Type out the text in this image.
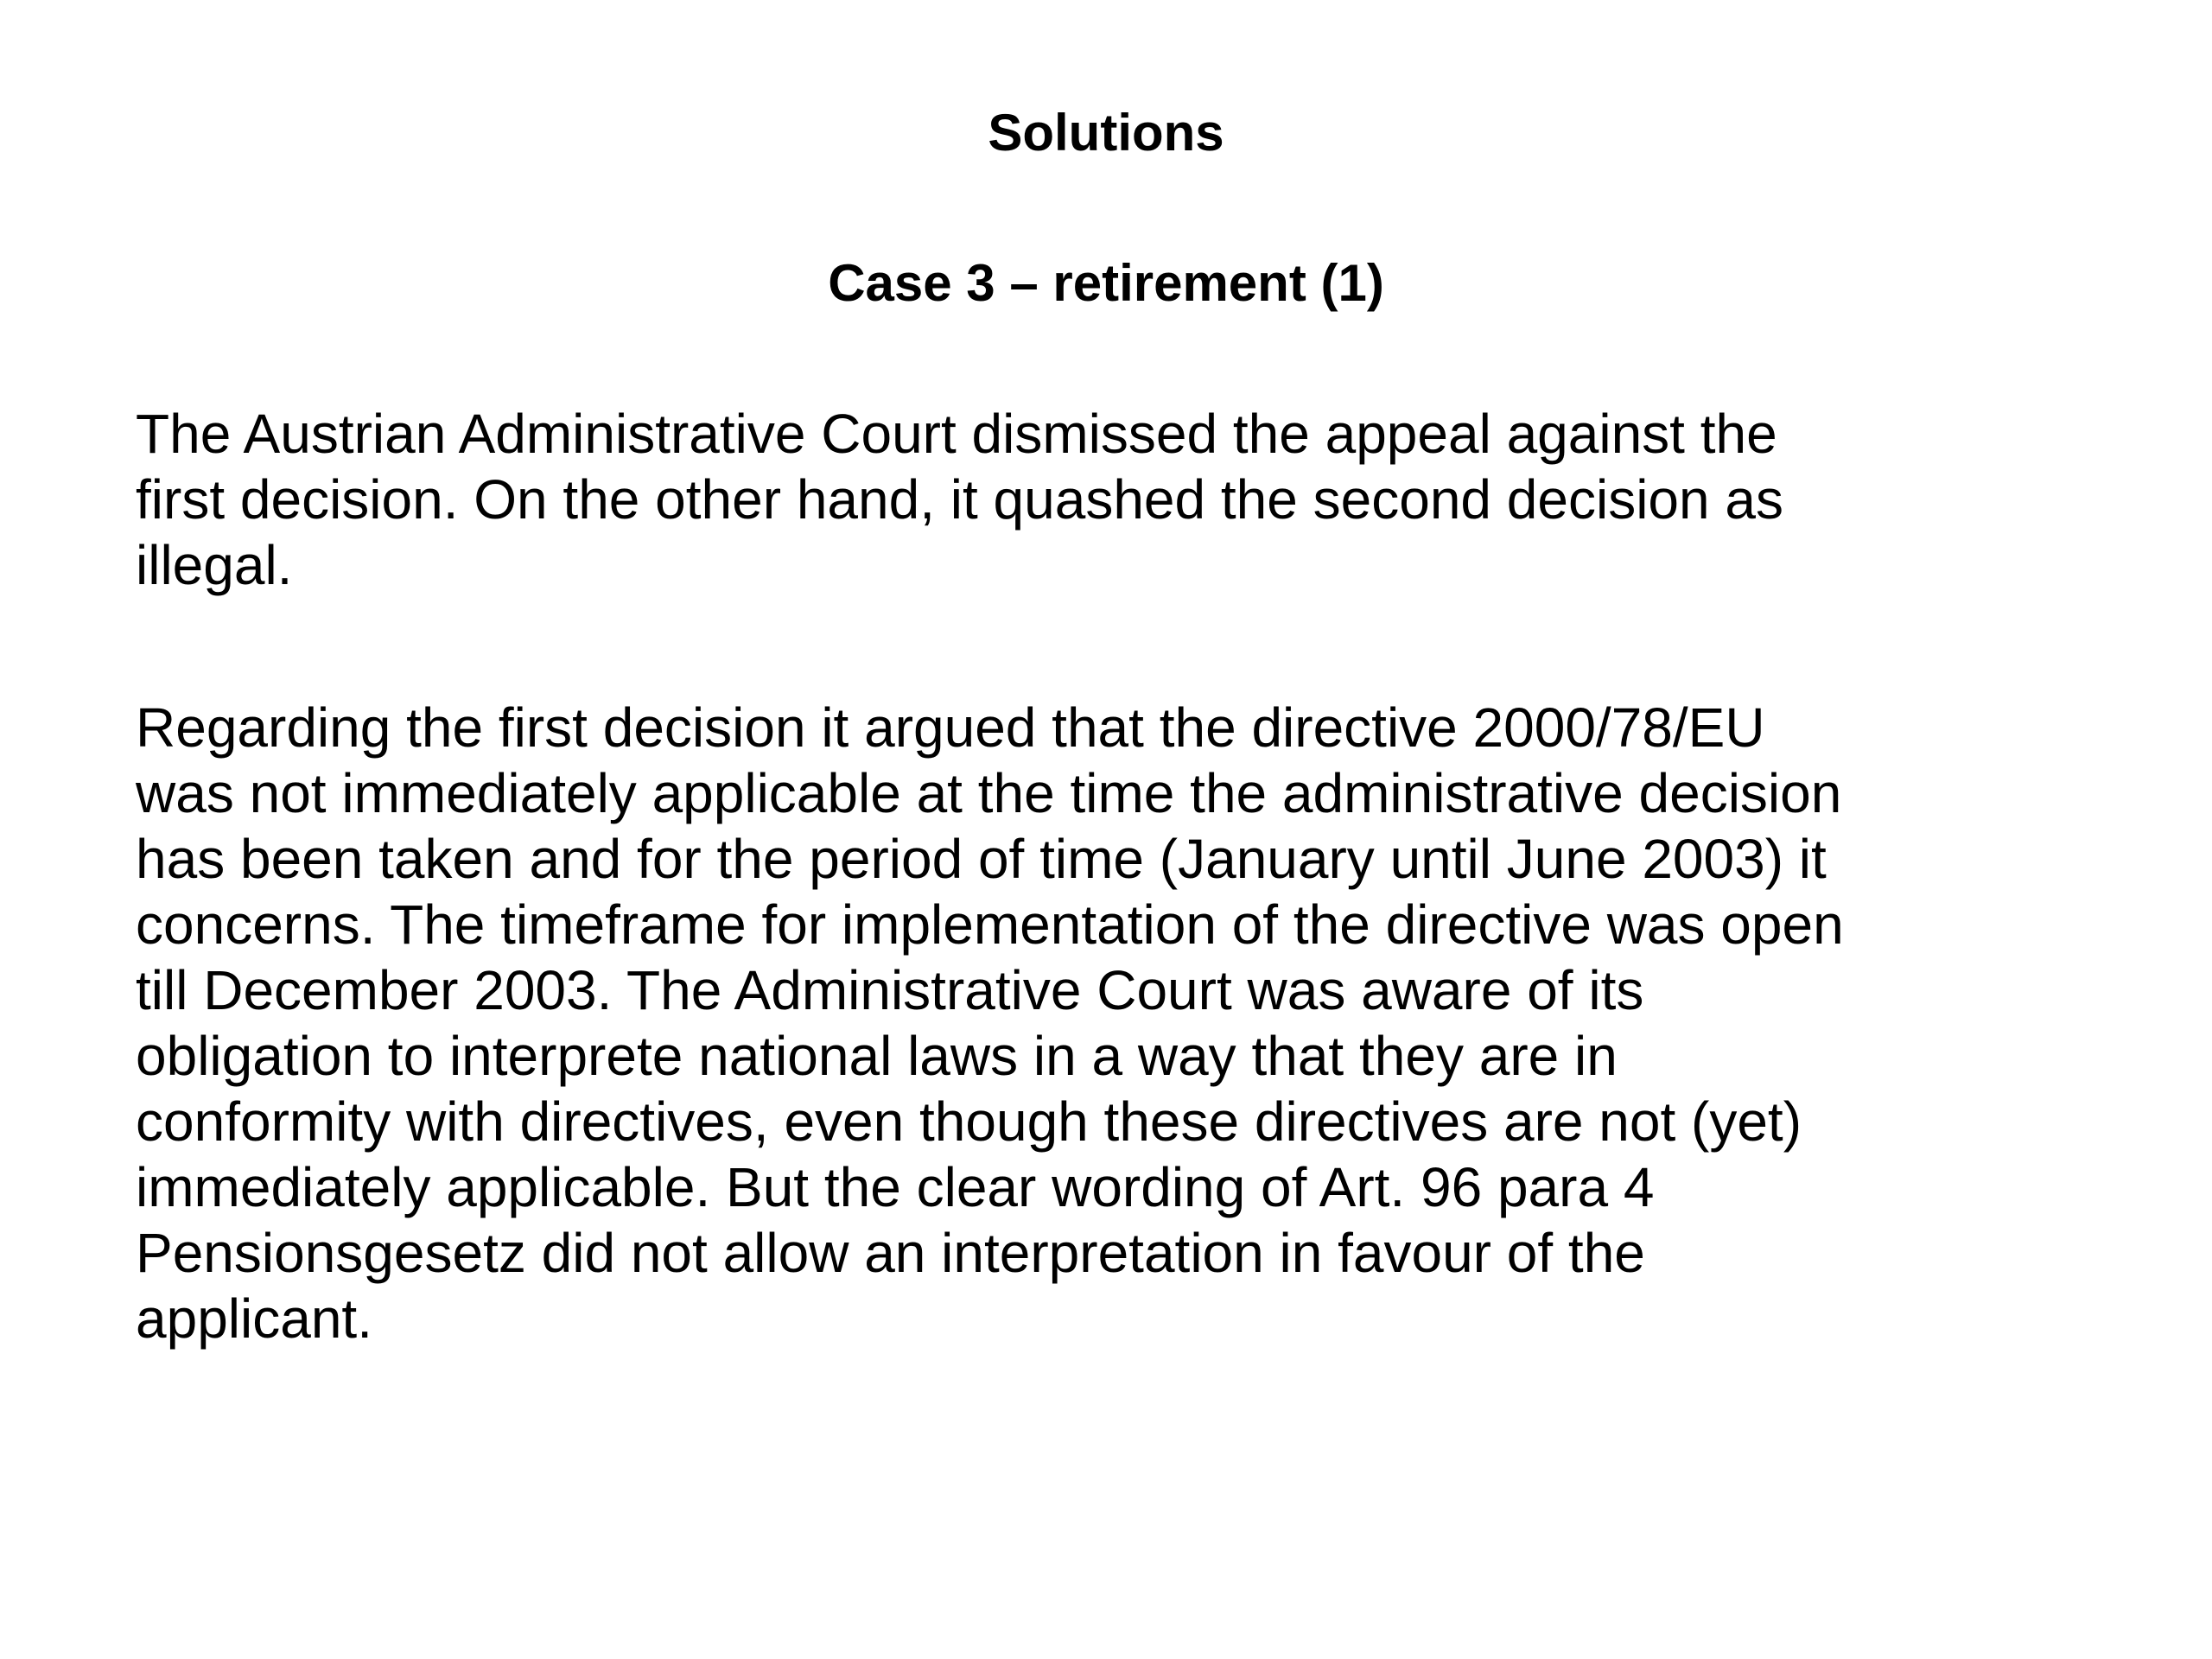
Solutions
Case 3 – retirement (1)
The Austrian Administrative Court dismissed the appeal against the
first decision. On the other hand, it quashed the second decision as
illegal.
Regarding the first decision it argued that the directive 2000/78/EU
was not immediately applicable at the time the administrative decision
has been taken and for the period of time (January until June 2003) it
concerns. The timeframe for implementation of the directive was open
till December 2003. The Administrative Court was aware of its
obligation to interprete national laws in a way that they are in
conformity with directives, even though these directives are not (yet)
immediately applicable. But the clear wording of Art. 96 para 4
Pensionsgesetz did not allow an interpretation in favour of the
applicant.
